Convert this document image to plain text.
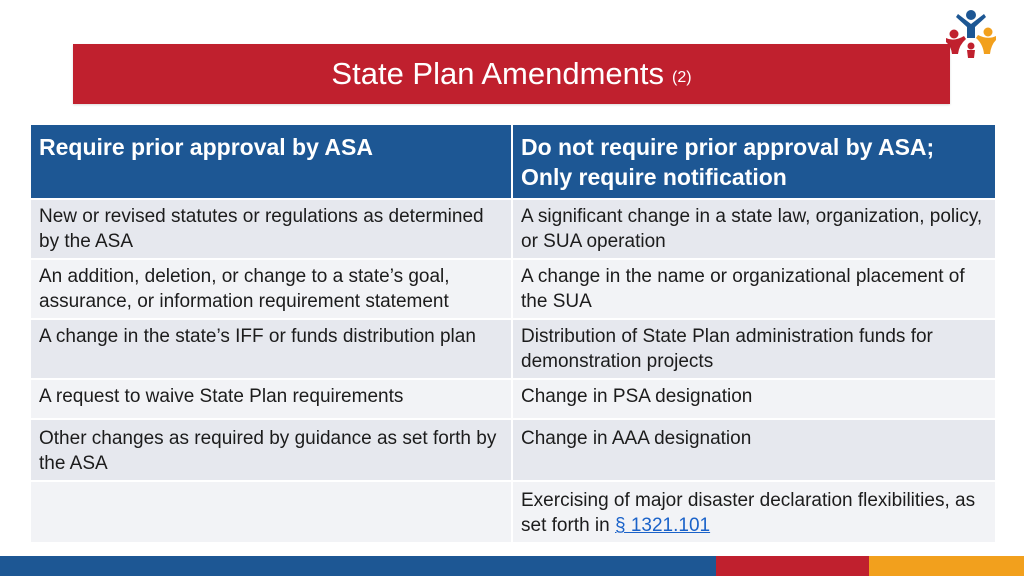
State Plan Amendments (2)
Require prior approval by ASA	Do not require prior approval by ASA; Only require notification
New or revised statutes or regulations as determined by the ASA	A significant change in a state law, organization, policy, or SUA operation
An addition, deletion, or change to a state’s goal, assurance, or information requirement statement	A change in the name or organizational placement of the SUA
A change in the state’s IFF or funds distribution plan	Distribution of State Plan administration funds for demonstration projects
A request to waive State Plan requirements	Change in PSA designation
Other changes as required by guidance as set forth by the ASA	Change in AAA designation
	Exercising of major disaster declaration flexibilities, as set forth in § 1321.101
